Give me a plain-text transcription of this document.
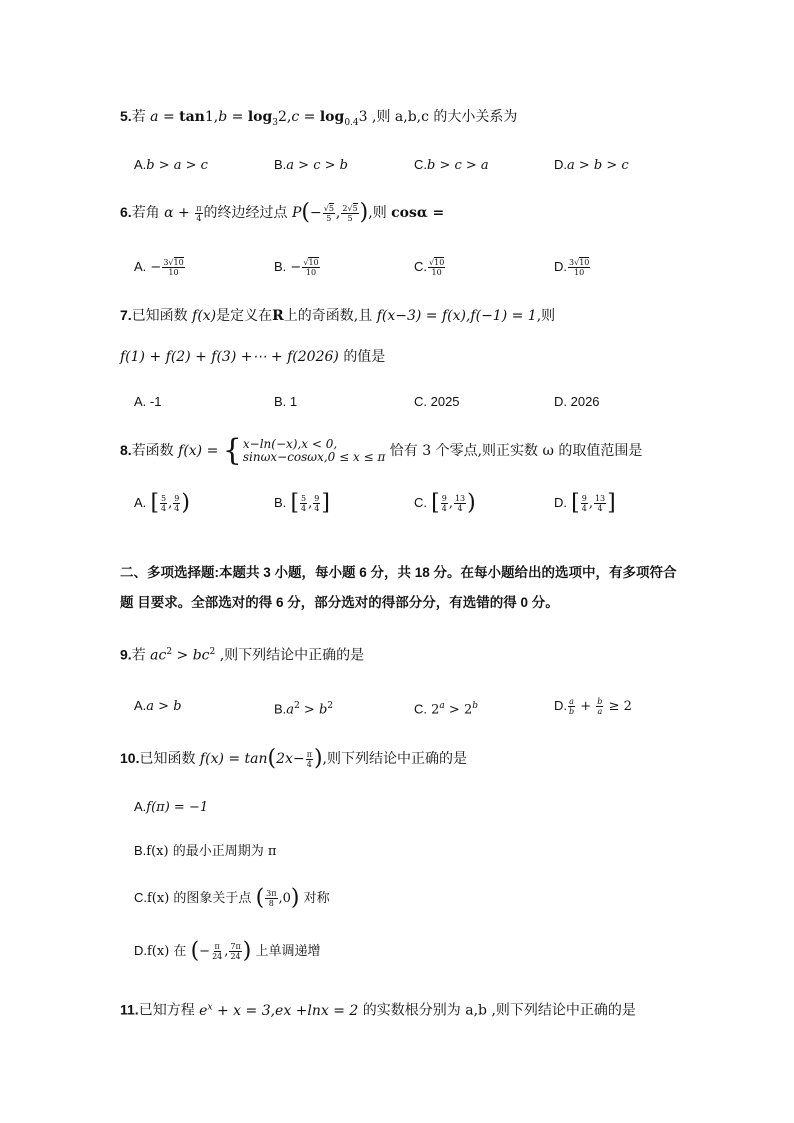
5.若 $a = \tan 1,b = \log_32,c = \log_{0.4}3$ ,则 a,b,c 的大小关系为
A.b > a > c	B.a > c > b	C.b > c > a	D.a > b > c
6.若角 $\alpha + \frac{\pi}{4}$ 的终边经过点 $P(- \frac{√5}{5}$ , $\frac{2√5}{5}$ ),则 cosα =
A. − $\frac{3√10}{10}$	B. − $\frac{√10}{10}$	C. $\frac{√10}{10}$	D. $\frac{3√10}{10}$
7.已知函数 f(x)是定义在R上的奇函数,且 f(x−3) = f(x),f(−1) = 1,则
f(1) + f(2) + f(3) +⋯ + f(2026) 的值是
A. -1	B. 1	C. 2025	D. 2026
8.若函数 f(x) = { x−ln(−x),x < 0,
sinωx−cosωx,0 ≤ x ≤ π 恰有 3 个零点,则正实数 ω 的取值范围是
A. [ $\frac{5}{4}$ , $\frac{9}{4}$ )	B. [ $\frac{5}{4}$ , $\frac{9}{4}$ ]	C. [ $\frac{9}{4}$ , $\frac{13}{4}$ )	D. [ $\frac{9}{4}$ , $\frac{13}{4}$ ]
二、多项选择题:本题共 3 小题，每小题 6 分，共 18 分。在每小题给出的选项中，有多项符合题 目要求。全部选对的得 6 分，部分选对的得部分分，有选错的得 0 分。
9.若 $ac^2 > bc^2$ ,则下列结论中正确的是
A.a > b	$B.a^2 > b^2$	C. $2^a > 2^b$	D. $\frac{a}{b} + \frac{b}{a} \ge 2$
10.已知函数 $f(x) = \tan(2x- \frac{\pi}{4}$ ),则下列结论中正确的是
A.f(π) = −1
B.f(x) 的最小正周期为 π
C.f(x) 的图象关于点 ( $\frac{3\pi}{8} ,0$) 对称
D.f(x) 在 (− $\frac{\pi}{24}$ , $\frac{7\pi}{24}$ ) 上单调递增
11.已知方程 $e^x + x = 3,ex +\ln x = 2$ 的实数根分别为 a,b ,则下列结论中正确的是
